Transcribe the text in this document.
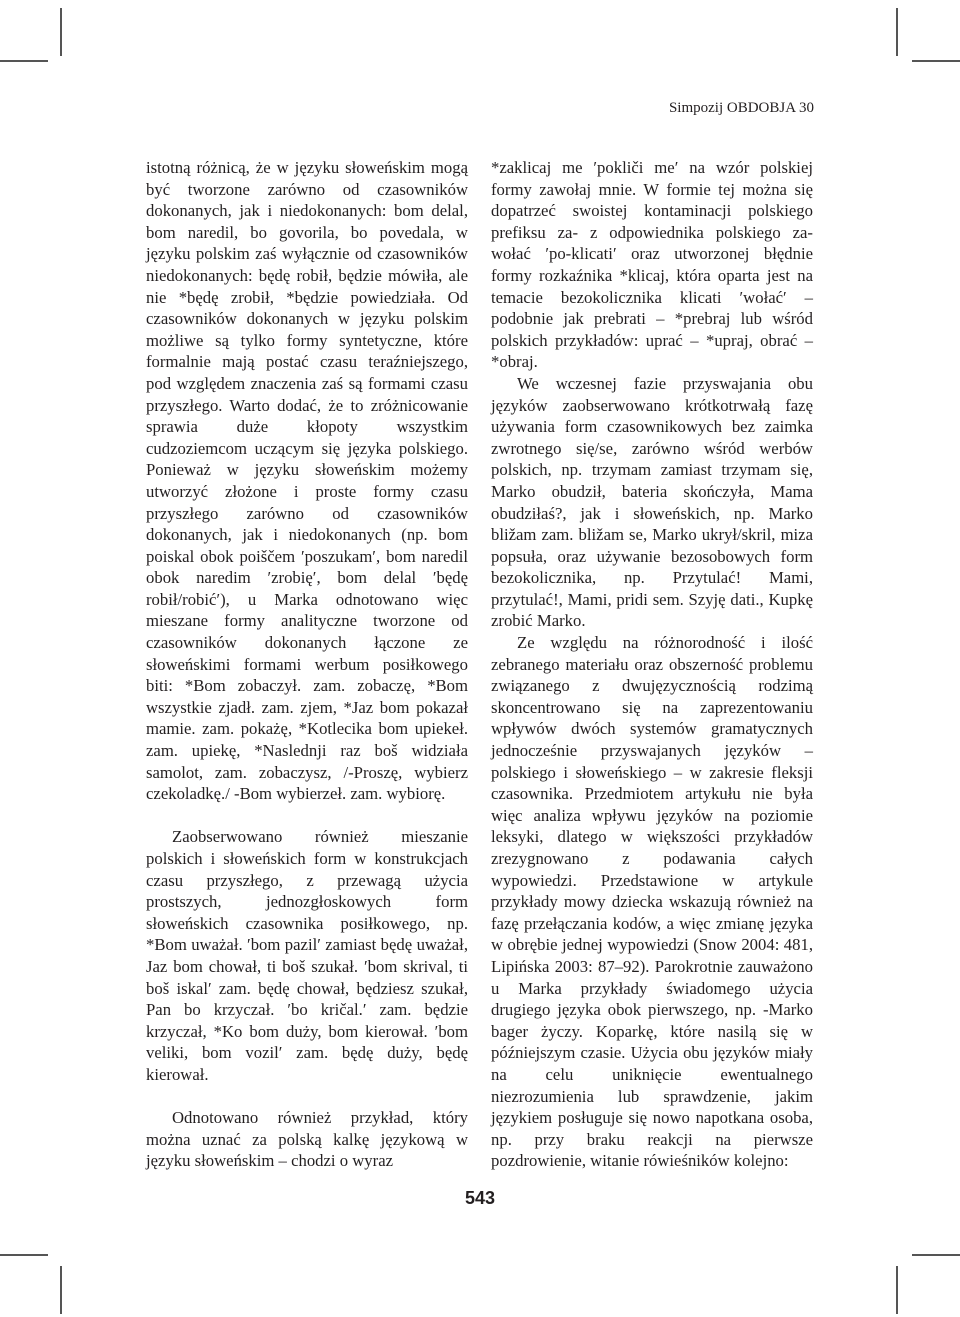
Simpozij OBDOBJA 30

istotną różnicą, że w języku słoweńskim mogą być tworzone zarówno od czasowników dokonanych, jak i niedokonanych: bom delal, bom naredil, bo govorila, bo povedala, w języku polskim zaś wyłącznie od czasowników niedokonanych: będę robił, będzie mówiła, ale nie *będę zrobił, *będzie powiedziała. Od czasowników dokonanych w języku polskim możliwe są tylko formy syntetyczne, które formalnie mają postać czasu teraźniejszego, pod względem znaczenia zaś są formami czasu przyszłego. Warto dodać, że to zróżnicowanie sprawia duże kłopoty wszystkim cudzoziemcom uczącym się języka polskiego. Ponieważ w języku słoweńskim możemy utworzyć złożone i proste formy czasu przyszłego zarówno od czasowników dokonanych, jak i niedokonanych (np. bom poiskal obok poiščem ʹposzukamʹ, bom naredil obok naredim ʹzrobięʹ, bom delal ʹbędę robił/robićʹ), u Marka odnotowano więc mieszane formy analityczne tworzone od czasowników dokonanych łączone ze słoweńskimi formami werbum posiłkowego biti: *Bom zobaczył. zam. zobaczę, *Bom wszystkie zjadł. zam. zjem, *Jaz bom pokazał mamie. zam. pokażę, *Kotlecika bom upiekeł. zam. upiekę, *Naslednji raz boš widziała samolot, zam. zobaczysz, /-Proszę, wybierz czekoladkę./ -Bom wybierzeł. zam. wybiorę.

Zaobserwowano również mieszanie polskich i słoweńskich form w konstrukcjach czasu przyszłego, z przewagą użycia prostszych, jednozgłoskowych form słoweńskich czasownika posiłkowego, np. *Bom uważał. ʹbom pazilʹ zamiast będę uważał, Jaz bom chował, ti boš szukał. ʹbom skrival, ti boš iskalʹ zam. będę chował, będziesz szukał, Pan bo krzyczał. ʹbo kričal.ʹ zam. będzie krzyczał, *Ko bom duży, bom kierował. ʹbom veliki, bom vozilʹ zam. będę duży, będę kierował.

Odnotowano również przykład, który można uznać za polską kalkę językową w języku słoweńskim – chodzi o wyraz

*zaklicaj me ʹpokliči meʹ na wzór polskiej formy zawołaj mnie. W formie tej można się dopatrzeć swoistej kontaminacji polskiego prefiksu za- z odpowiednika polskiego za-wołać ʹpo-klicatiʹ oraz utworzonej błędnie formy rozkaźnika *klicaj, która oparta jest na temacie bezokolicznika klicati ʹwołaćʹ – podobnie jak prebrati – *prebraj lub wśród polskich przykładów: uprać – *upraj, obrać – *obraj.

We wczesnej fazie przyswajania obu języków zaobserwowano krótkotrwałą fazę używania form czasownikowych bez zaimka zwrotnego się/se, zarówno wśród werbów polskich, np. trzymam zamiast trzymam się, Marko obudził, bateria skończyła, Mama obudziłaś?, jak i słoweńskich, np. Marko bližam zam. bližam se, Marko ukrył/skril, miza popsuła, oraz używanie bezosobowych form bezokolicznika, np. Przytulać! Mami, przytulać!, Mami, pridi sem. Szyję dati., Kupkę zrobić Marko.

Ze względu na różnorodność i ilość zebranego materiału oraz obszerność problemu związanego z dwujęzycznością rodzimą skoncentrowano się na zaprezentowaniu wpływów dwóch systemów gramatycznych jednocześnie przyswajanych języków – polskiego i słoweńskiego – w zakresie fleksji czasownika. Przedmiotem artykułu nie była więc analiza wpływu języków na poziomie leksyki, dlatego w większości przykładów zrezygnowano z podawania całych wypowiedzi. Przedstawione w artykule przykłady mowy dziecka wskazują również na fazę przełączania kodów, a więc zmianę języka w obrębie jednej wypowiedzi (Snow 2004: 481, Lipińska 2003: 87–92). Parokrotnie zauważono u Marka przykłady świadomego użycia drugiego języka obok pierwszego, np. -Marko bager życzy. Koparkę, które nasilą się w późniejszym czasie. Użycia obu języków miały na celu uniknięcie ewentualnego niezrozumienia lub sprawdzenie, jakim językiem posługuje się nowo napotkana osoba, np. przy braku reakcji na pierwsze pozdrowienie, witanie rówieśników kolejno:

543
